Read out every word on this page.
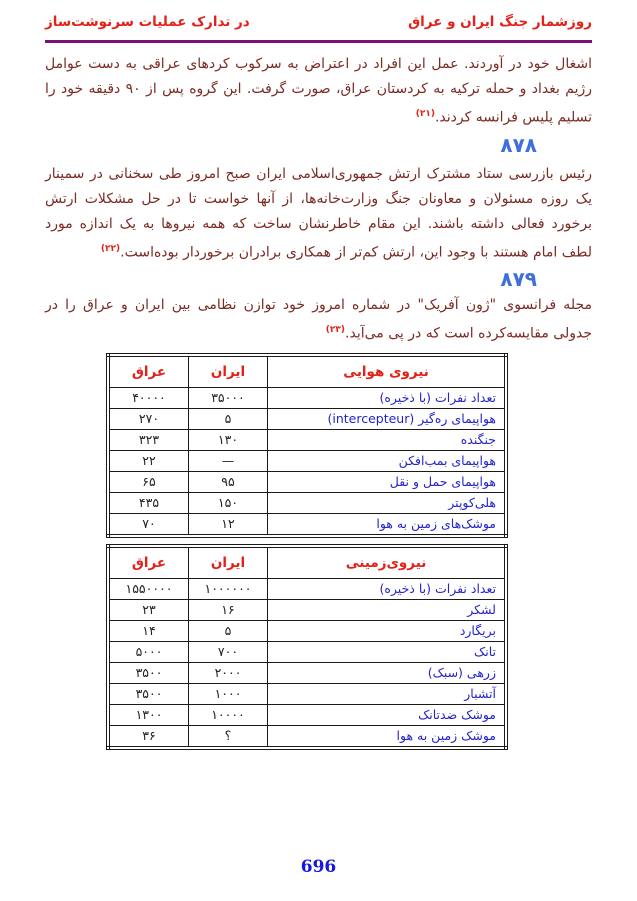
روزشمار جنگ ایران و عراق
در تدارک عملیات سرنوشت‌ساز

اشغال خود در آوردند. عمل این افراد در اعتراض به سرکوب کردهای عراقی به دست عوامل رژیم بغداد و حمله ترکیه به کردستان عراق، صورت گرفت. این گروه پس از ۹۰ دقیقه خود را تسلیم پلیس فرانسه کردند.$^{(۲۱)}$

۸۷۸

رئیس بازرسی ستاد مشترک ارتش جمهوری‌اسلامی ایران صبح امروز طی سخنانی در سمینار یک روزه مسئولان و معاونان جنگ وزارت‌خانه‌ها، از آنها خواست تا در حل مشکلات ارتش برخورد فعالی داشته باشند. این مقام خاطرنشان ساخت که همه نیروها به یک اندازه مورد لطف امام هستند با وجود این، ارتش کم‌تر از همکاری برادران برخوردار بوده‌است.$^{(۲۲)}$

۸۷۹

مجله فرانسوی "ژون آفریک" در شماره امروز خود توازن نظامی بین ایران و عراق را در جدولی مقایسه‌کرده است که در پی می‌آید.$^{(۲۳)}$

نیروی هوایی	ایران	عراق
تعداد نفرات (با ذخیره)	۳۵۰۰۰	۴۰۰۰۰
هواپیمای ره‌گیر (intercepteur)	۵	۲۷۰
جنگنده	۱۳۰	۳۲۳
هواپیمای بمب‌افکن	—	۲۲
هواپیمای حمل و نقل	۹۵	۶۵
هلی‌کوپتر	۱۵۰	۴۳۵
موشک‌های زمین به هوا	۱۲	۷۰
نیروی‌زمینی	ایران	عراق
تعداد نفرات (با ذخیره)	۱۰۰۰۰۰۰	۱۵۵۰۰۰۰
لشکر	۱۶	۲۳
بریگارد	۵	۱۴
تانک	۷۰۰	۵۰۰۰
زرهی (سبک)	۲۰۰۰	۳۵۰۰
آتشبار	۱۰۰۰	۳۵۰۰
موشک ضدتانک	۱۰۰۰۰	۱۳۰۰
موشک زمین به هوا	؟	۳۶
696
